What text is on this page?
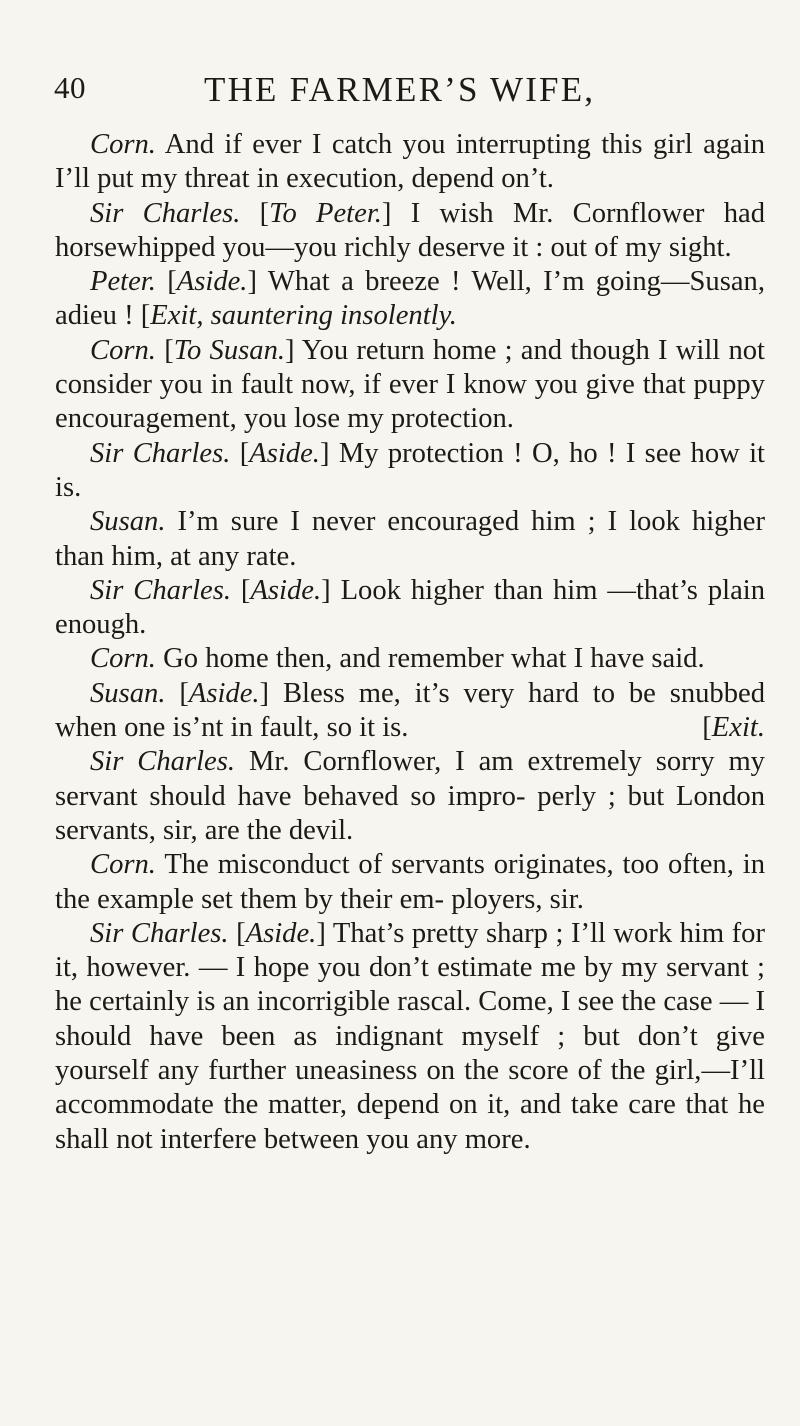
40	THE FARMER’S WIFE,

Corn. And if ever I catch you interrupting this girl again I’ll put my threat in execution, depend on’t.

Sir Charles. [To Peter.] I wish Mr. Cornflower had horsewhipped you—you richly deserve it : out of my sight.

Peter. [Aside.] What a breeze ! Well, I’m going—Susan, adieu ! [Exit, sauntering insolently.

Corn. [To Susan.] You return home ; and though I will not consider you in fault now, if ever I know you give that puppy encouragement, you lose my protection.

Sir Charles. [Aside.] My protection ! O, ho ! I see how it is.

Susan. I’m sure I never encouraged him ; I look higher than him, at any rate.

Sir Charles. [Aside.] Look higher than him —that’s plain enough.

Corn. Go home then, and remember what I have said.

Susan. [Aside.] Bless me, it’s very hard to be snubbed when one is’nt in fault, so it is.	[Exit.

Sir Charles. Mr. Cornflower, I am extremely sorry my servant should have behaved so impro- perly ; but London servants, sir, are the devil.

Corn. The misconduct of servants originates, too often, in the example set them by their em- ployers, sir.

Sir Charles. [Aside.] That’s pretty sharp ; I’ll work him for it, however. — I hope you don’t estimate me by my servant ; he certainly is an incorrigible rascal. Come, I see the case — I should have been as indignant myself ; but don’t give yourself any further uneasiness on the score of the girl,—I’ll accommodate the matter, depend on it, and take care that he shall not interfere between you any more.
